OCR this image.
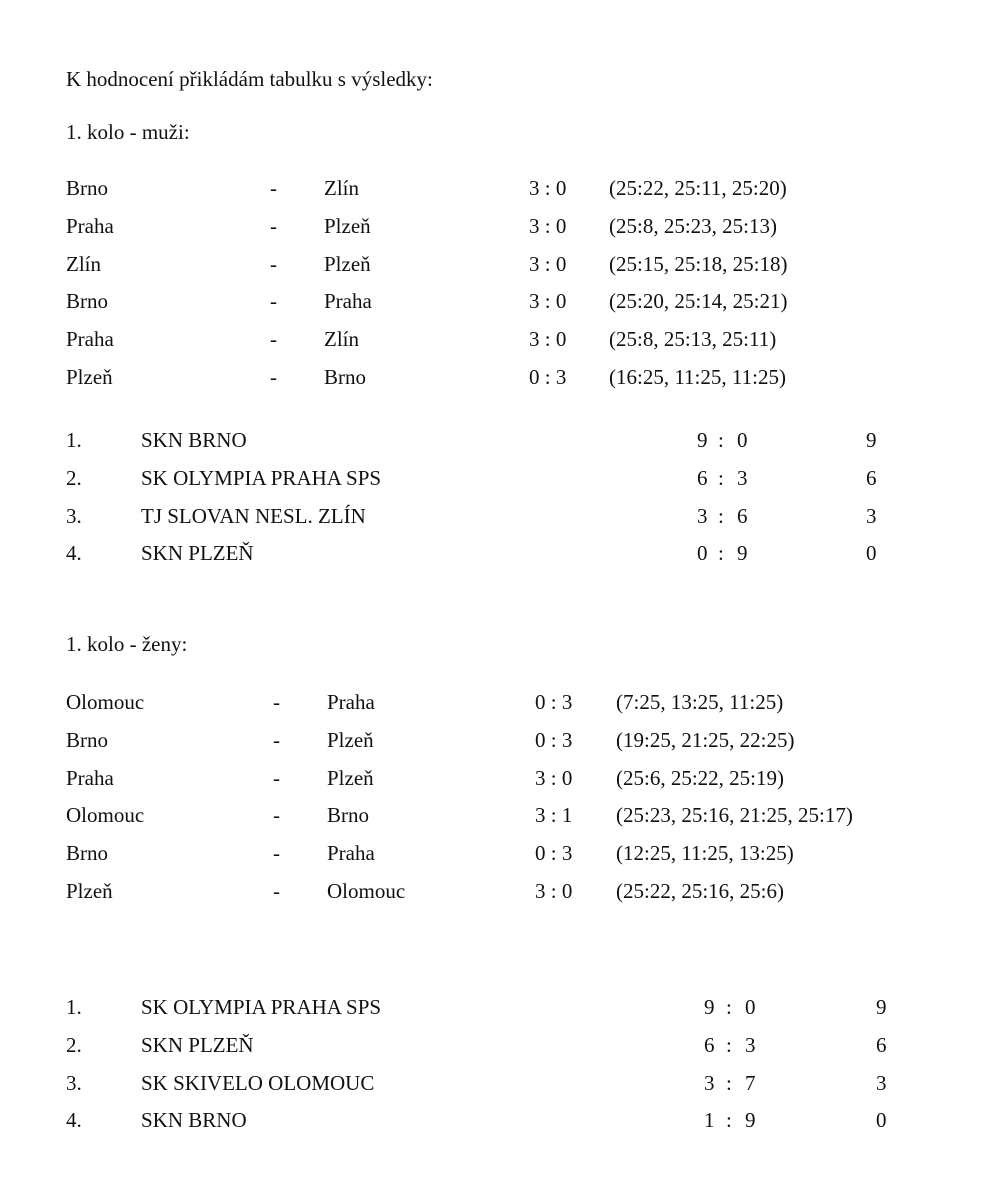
K hodnocení přikládám tabulku s výsledky:
1. kolo - muži:
Brno	- Zlín	3 : 0 (25:22, 25:11, 25:20)
Praha	- Plzeň	3 : 0 (25:8, 25:23, 25:13)
Zlín	- Plzeň	3 : 0 (25:15, 25:18, 25:18)
Brno	- Praha	3 : 0 (25:20, 25:14, 25:21)
Praha	- Zlín	3 : 0 (25:8, 25:13, 25:11)
Plzeň	- Brno	0 : 3 (16:25, 11:25, 11:25)
1.	SKN BRNO	9 : 0	9
2.	SK OLYMPIA PRAHA SPS	6 : 3	6
3.	TJ SLOVAN NESL. ZLÍN	3 : 6	3
4.	SKN PLZEŇ	0 : 9	0
1. kolo - ženy:
Olomouc	- Praha	0 : 3 (7:25, 13:25, 11:25)
Brno	- Plzeň	0 : 3 (19:25, 21:25, 22:25)
Praha	- Plzeň	3 : 0 (25:6, 25:22, 25:19)
Olomouc	- Brno	3 : 1 (25:23, 25:16, 21:25, 25:17)
Brno	- Praha	0 : 3 (12:25, 11:25, 13:25)
Plzeň	- Olomouc	3 : 0 (25:22, 25:16, 25:6)
1.	SK OLYMPIA PRAHA SPS	9 : 0	9
2.	SKN PLZEŇ	6 : 3	6
3.	SK SKIVELO OLOMOUC	3 : 7	3
4.	SKN BRNO	1 : 9	0
